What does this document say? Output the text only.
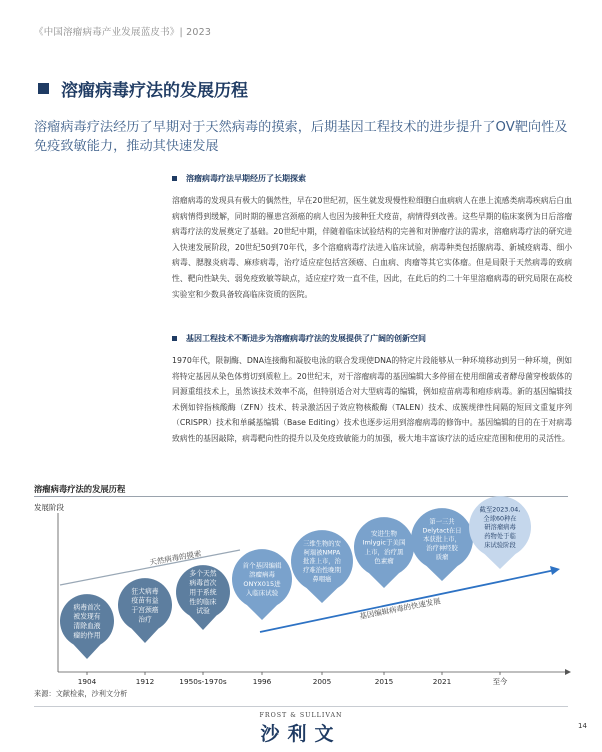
《中国溶瘤病毒产业发展蓝皮书》| 2023
溶瘤病毒疗法的发展历程
溶瘤病毒疗法经历了早期对于天然病毒的摸索，后期基因工程技术的进步提升了OV靶向性及免疫致敏能力，推动其快速发展
溶瘤病毒疗法早期经历了长期探索
溶瘤病毒的发现具有极大的偶然性，早在20世纪初，医生就发现慢性粒细胞白血病病人在患上流感类病毒疾病后白血病病情得到缓解，同时期的罹患宫颈癌的病人也因为接种狂犬疫苗，病情得到改善。这些早期的临床案例为日后溶瘤病毒疗法的发展奠定了基础。20世纪中期，伴随着临床试验结构的完善和对肿瘤疗法的需求，溶瘤病毒疗法的研究进入快速发展阶段，20世纪50到70年代，多个溶瘤病毒疗法进入临床试验，病毒种类包括腺病毒、新城疫病毒、细小病毒、腮腺炎病毒、麻疹病毒，治疗适应症包括宫颈癌、白血病、肉瘤等其它实体瘤。但是局限于天然病毒的致病性、靶向性缺失、弱免疫致敏等缺点，适应症疗效一直不佳，因此，在此后的约二十年里溶瘤病毒的研究局限在高校实验室和少数具备较高临床资质的医院。
基因工程技术不断进步为溶瘤病毒疗法的发展提供了广阔的创新空间
1970年代，限制酶、DNA连接酶和凝胶电泳的联合发现使DNA的特定片段能够从一种环境移动到另一种环境，例如将特定基因从染色体剪切到质粒上。20世纪末，对于溶瘤病毒的基因编辑大多停留在使用细菌或者酵母菌穿梭载体的同源重组技术上，虽然该技术效率不高，但特别适合对大型病毒的编辑，例如痘苗病毒和疱疹病毒。新的基因编辑技术例如锌指核酸酶（ZFN）技术、转录激活因子效应物核酸酶（TALEN）技术、成簇规律性间隔的短回文重复序列（CRISPR）技术和单碱基编辑（Base Editing）技术也逐步运用到溶瘤病毒的修饰中。基因编辑的目的在于对病毒致病性的基因敲除，病毒靶向性的提升以及免疫致敏能力的加强，极大地丰富该疗法的适应症范围和使用的灵活性。
溶瘤病毒疗法的发展历程
发展阶段
天然病毒的摸索
基因编辑病毒的快速发展
病毒首次被发现有清除血液瘤的作用
1904
狂犬病毒疫苗有益于宫颈癌治疗
1912
多个天然病毒首次用于系统性的临床试验
1950s-1970s
首个基因编辑溶瘤病毒 ONYX015进入临床试验
1996
三维生物的安柯瑞被NMPA 批准上市，治疗难治性晚期鼻咽癌
2005
安进生物 Imlygic于美国上市，治疗黑色素瘤
2015
第一三共 Delytact在日本获批上市，治疗神经胶质瘤
2021
截至2023.04,全球60种在研溶瘤病毒药物处于临床试验阶段
至今
来源：文献检索，沙利文分析
FROST & SULLIVAN
沙利文	14
